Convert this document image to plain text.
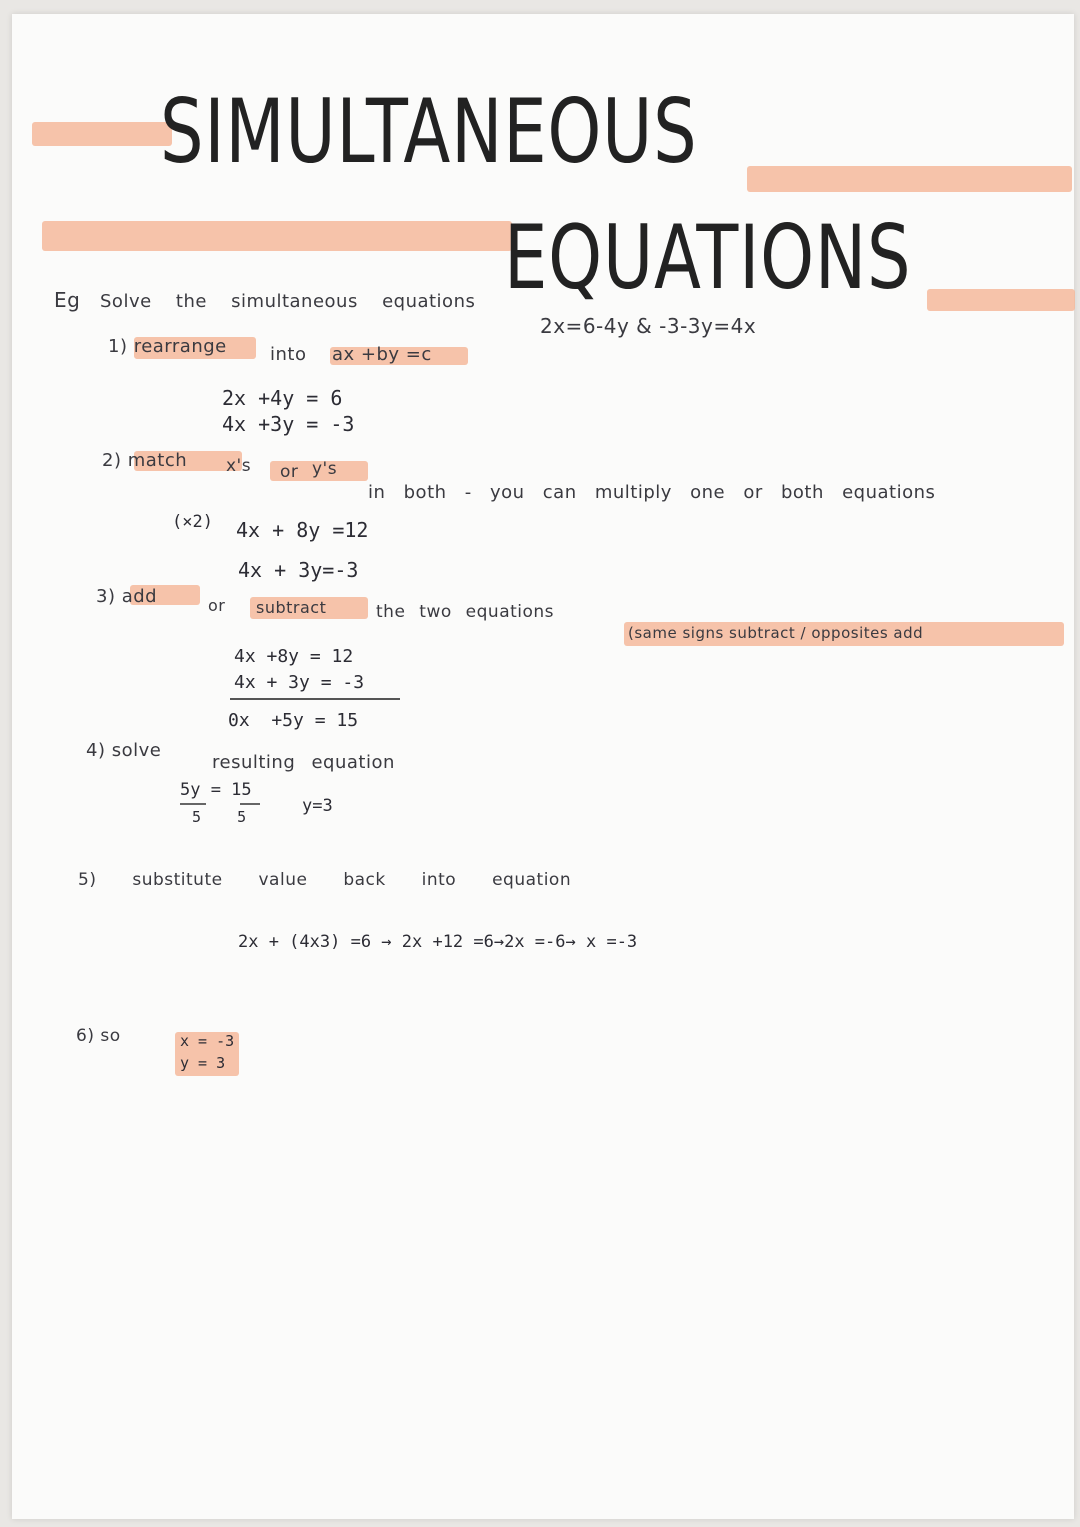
SIMULTANEOUS
EQUATIONS
Eg Solve the simultaneous equations
2x=6-4y & -3-3y=4x
1) rearrange into ax +by =c
2x +4y = 6
4x +3y = -3
2) match x's or y's
in both - you can multiply one or both equations
(×2) 4x + 8y =12
4x + 3y=-3
3) add	or subtract	the two equations
(same signs subtract / opposites add
4x +8y = 12
4x + 3y = -3
0x  +5y = 15
4) solve
resulting equation
5y = 15
5    5
y=3
5) substitute value back into equation
2x + (4x3) =6 → 2x +12 =6→2x =-6→ x =-3
6) so	x = -3
y = 3
